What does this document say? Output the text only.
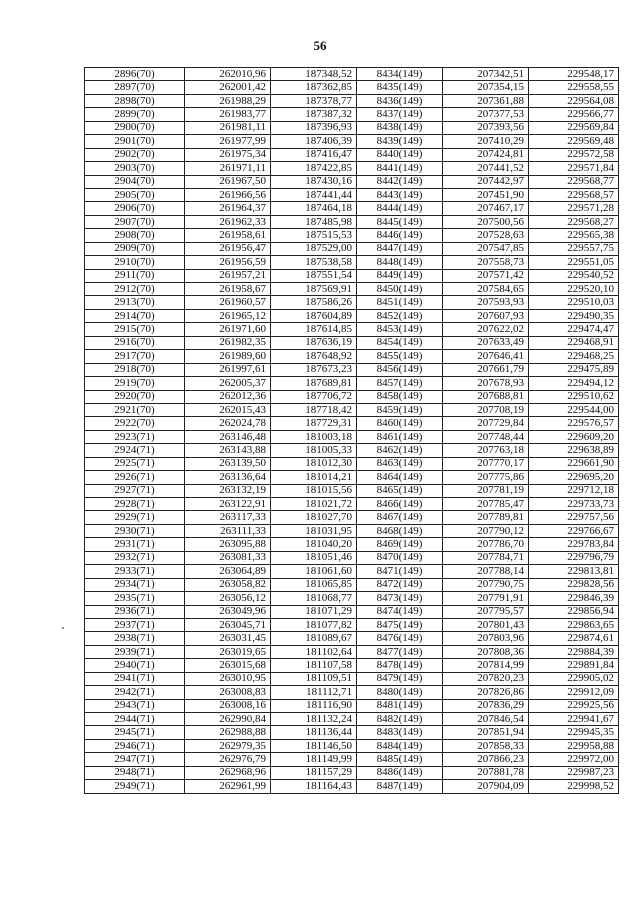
56
2896(70)	262010,96	187348,52	8434(149)	207342,51	229548,17
2897(70)	262001,42	187362,85	8435(149)	207354,15	229558,55
2898(70)	261988,29	187378,77	8436(149)	207361,88	229564,08
2899(70)	261983,77	187387,32	8437(149)	207377,53	229566,77
2900(70)	261981,11	187396,93	8438(149)	207393,56	229569,84
2901(70)	261977,99	187406,39	8439(149)	207410,29	229569,48
2902(70)	261975,34	187416,47	8440(149)	207424,81	229572,58
2903(70)	261971,11	187422,85	8441(149)	207441,52	229571,84
2904(70)	261967,50	187430,16	8442(149)	207442,97	229568,77
2905(70)	261966,56	187441,44	8443(149)	207451,90	229568,57
2906(70)	261964,37	187464,18	8444(149)	207467,17	229571,28
2907(70)	261962,33	187485,98	8445(149)	207500,56	229568,27
2908(70)	261958,61	187515,53	8446(149)	207528,63	229565,38
2909(70)	261956,47	187529,00	8447(149)	207547,85	229557,75
2910(70)	261956,59	187538,58	8448(149)	207558,73	229551,05
2911(70)	261957,21	187551,54	8449(149)	207571,42	229540,52
2912(70)	261958,67	187569,91	8450(149)	207584,65	229520,10
2913(70)	261960,57	187586,26	8451(149)	207593,93	229510,03
2914(70)	261965,12	187604,89	8452(149)	207607,93	229490,35
2915(70)	261971,60	187614,85	8453(149)	207622,02	229474,47
2916(70)	261982,35	187636,19	8454(149)	207633,49	229468,91
2917(70)	261989,60	187648,92	8455(149)	207646,41	229468,25
2918(70)	261997,61	187673,23	8456(149)	207661,79	229475,89
2919(70)	262005,37	187689,81	8457(149)	207678,93	229494,12
2920(70)	262012,36	187706,72	8458(149)	207688,81	229510,62
2921(70)	262015,43	187718,42	8459(149)	207708,19	229544,00
2922(70)	262024,78	187729,31	8460(149)	207729,84	229576,57
2923(71)	263146,48	181003,18	8461(149)	207748,44	229609,20
2924(71)	263143,88	181005,33	8462(149)	207763,18	229638,89
2925(71)	263139,50	181012,30	8463(149)	207770,17	229661,90
2926(71)	263136,64	181014,21	8464(149)	207775,86	229695,20
2927(71)	263132,19	181015,56	8465(149)	207781,19	229712,18
2928(71)	263122,91	181021,72	8466(149)	207785,47	229733,73
2929(71)	263117,33	181027,70	8467(149)	207789,81	229757,56
2930(71)	263111,33	181031,95	8468(149)	207790,12	229766,67
2931(71)	263095,88	181040,20	8469(149)	207786,70	229783,84
2932(71)	263081,33	181051,46	8470(149)	207784,71	229796,79
2933(71)	263064,89	181061,60	8471(149)	207788,14	229813,81
2934(71)	263058,82	181065,85	8472(149)	207790,75	229828,56
2935(71)	263056,12	181068,77	8473(149)	207791,91	229846,39
2936(71)	263049,96	181071,29	8474(149)	207795,57	229856,94
2937(71)	263045,71	181077,82	8475(149)	207801,43	229863,65
2938(71)	263031,45	181089,67	8476(149)	207803,96	229874,61
2939(71)	263019,65	181102,64	8477(149)	207808,36	229884,39
2940(71)	263015,68	181107,58	8478(149)	207814,99	229891,84
2941(71)	263010,95	181109,51	8479(149)	207820,23	229905,02
2942(71)	263008,83	181112,71	8480(149)	207826,86	229912,09
2943(71)	263008,16	181116,90	8481(149)	207836,29	229925,56
2944(71)	262990,84	181132,24	8482(149)	207846,54	229941,67
2945(71)	262988,88	181136,44	8483(149)	207851,94	229945,35
2946(71)	262979,35	181146,50	8484(149)	207858,33	229958,88
2947(71)	262976,79	181149,99	8485(149)	207866,23	229972,00
2948(71)	262968,96	181157,29	8486(149)	207881,78	229987,23
2949(71)	262961,99	181164,43	8487(149)	207904,09	229998,52
